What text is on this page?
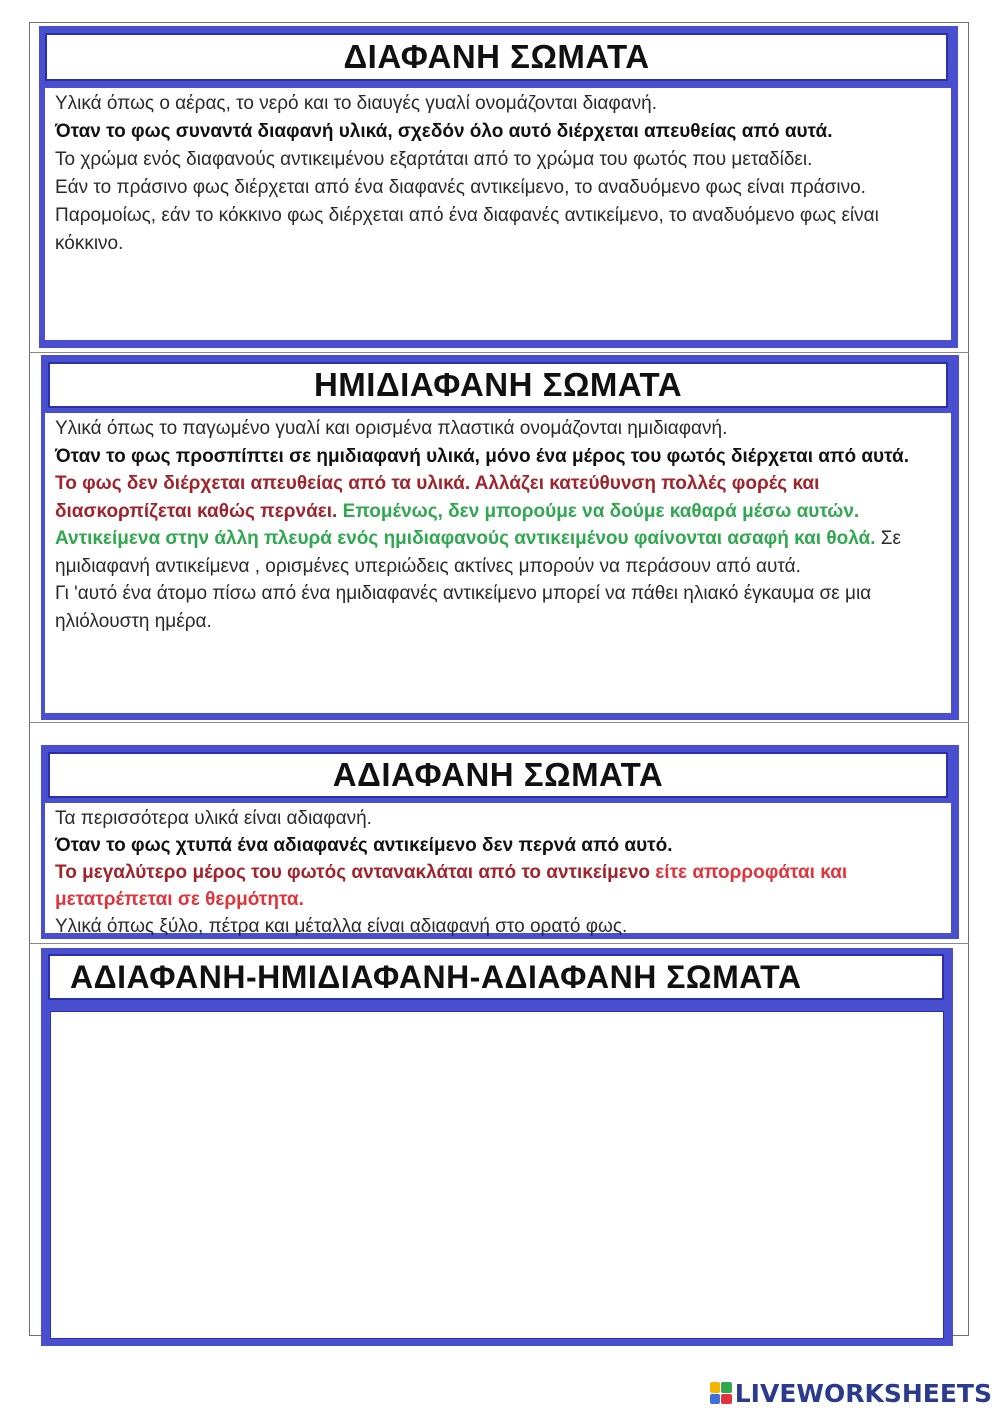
ΔΙΑΦΑΝΗ ΣΩΜΑΤΑ

Υλικά όπως ο αέρας, το νερό και το διαυγές γυαλί ονομάζονται διαφανή.

Όταν το φως συναντά διαφανή υλικά, σχεδόν όλο αυτό διέρχεται απευθείας από αυτά.

Το χρώμα ενός διαφανούς αντικειμένου εξαρτάται από το χρώμα του φωτός που μεταδίδει.

Εάν το πράσινο φως διέρχεται από ένα διαφανές αντικείμενο, το αναδυόμενο φως είναι πράσινο.

Παρομοίως, εάν το κόκκινο φως διέρχεται από ένα διαφανές αντικείμενο, το αναδυόμενο φως είναι κόκκινο.

ΗΜΙΔΙΑΦΑΝΗ ΣΩΜΑΤΑ

Υλικά όπως το παγωμένο γυαλί και ορισμένα πλαστικά ονομάζονται ημιδιαφανή.

Όταν το φως προσπίπτει σε ημιδιαφανή υλικά, μόνο ένα μέρος του φωτός διέρχεται από αυτά.

Το φως δεν διέρχεται απευθείας από τα υλικά. Αλλάζει κατεύθυνση πολλές φορές και διασκορπίζεται καθώς περνάει. Επομένως, δεν μπορούμε να δούμε καθαρά μέσω αυτών. Αντικείμενα στην άλλη πλευρά ενός ημιδιαφανούς αντικειμένου φαίνονται ασαφή και θολά. Σε ημιδιαφανή αντικείμενα , ορισμένες υπεριώδεις ακτίνες μπορούν να περάσουν από αυτά.

Γι 'αυτό ένα άτομο πίσω από ένα ημιδιαφανές αντικείμενο μπορεί να πάθει ηλιακό έγκαυμα σε μια ηλιόλουστη ημέρα.

ΑΔΙΑΦΑΝΗ ΣΩΜΑΤΑ

Τα περισσότερα υλικά είναι αδιαφανή.

Όταν το φως χτυπά ένα αδιαφανές αντικείμενο δεν περνά από αυτό.

Το μεγαλύτερο μέρος του φωτός αντανακλάται από το αντικείμενο είτε απορροφάται και μετατρέπεται σε θερμότητα.

Υλικά όπως ξύλο, πέτρα και μέταλλα είναι αδιαφανή στο ορατό φως.

ΑΔΙΑΦΑΝΗ-ΗΜΙΔΙΑΦΑΝΗ-ΑΔΙΑΦΑΝΗ ΣΩΜΑΤΑ
LIVEWORKSHEETS
